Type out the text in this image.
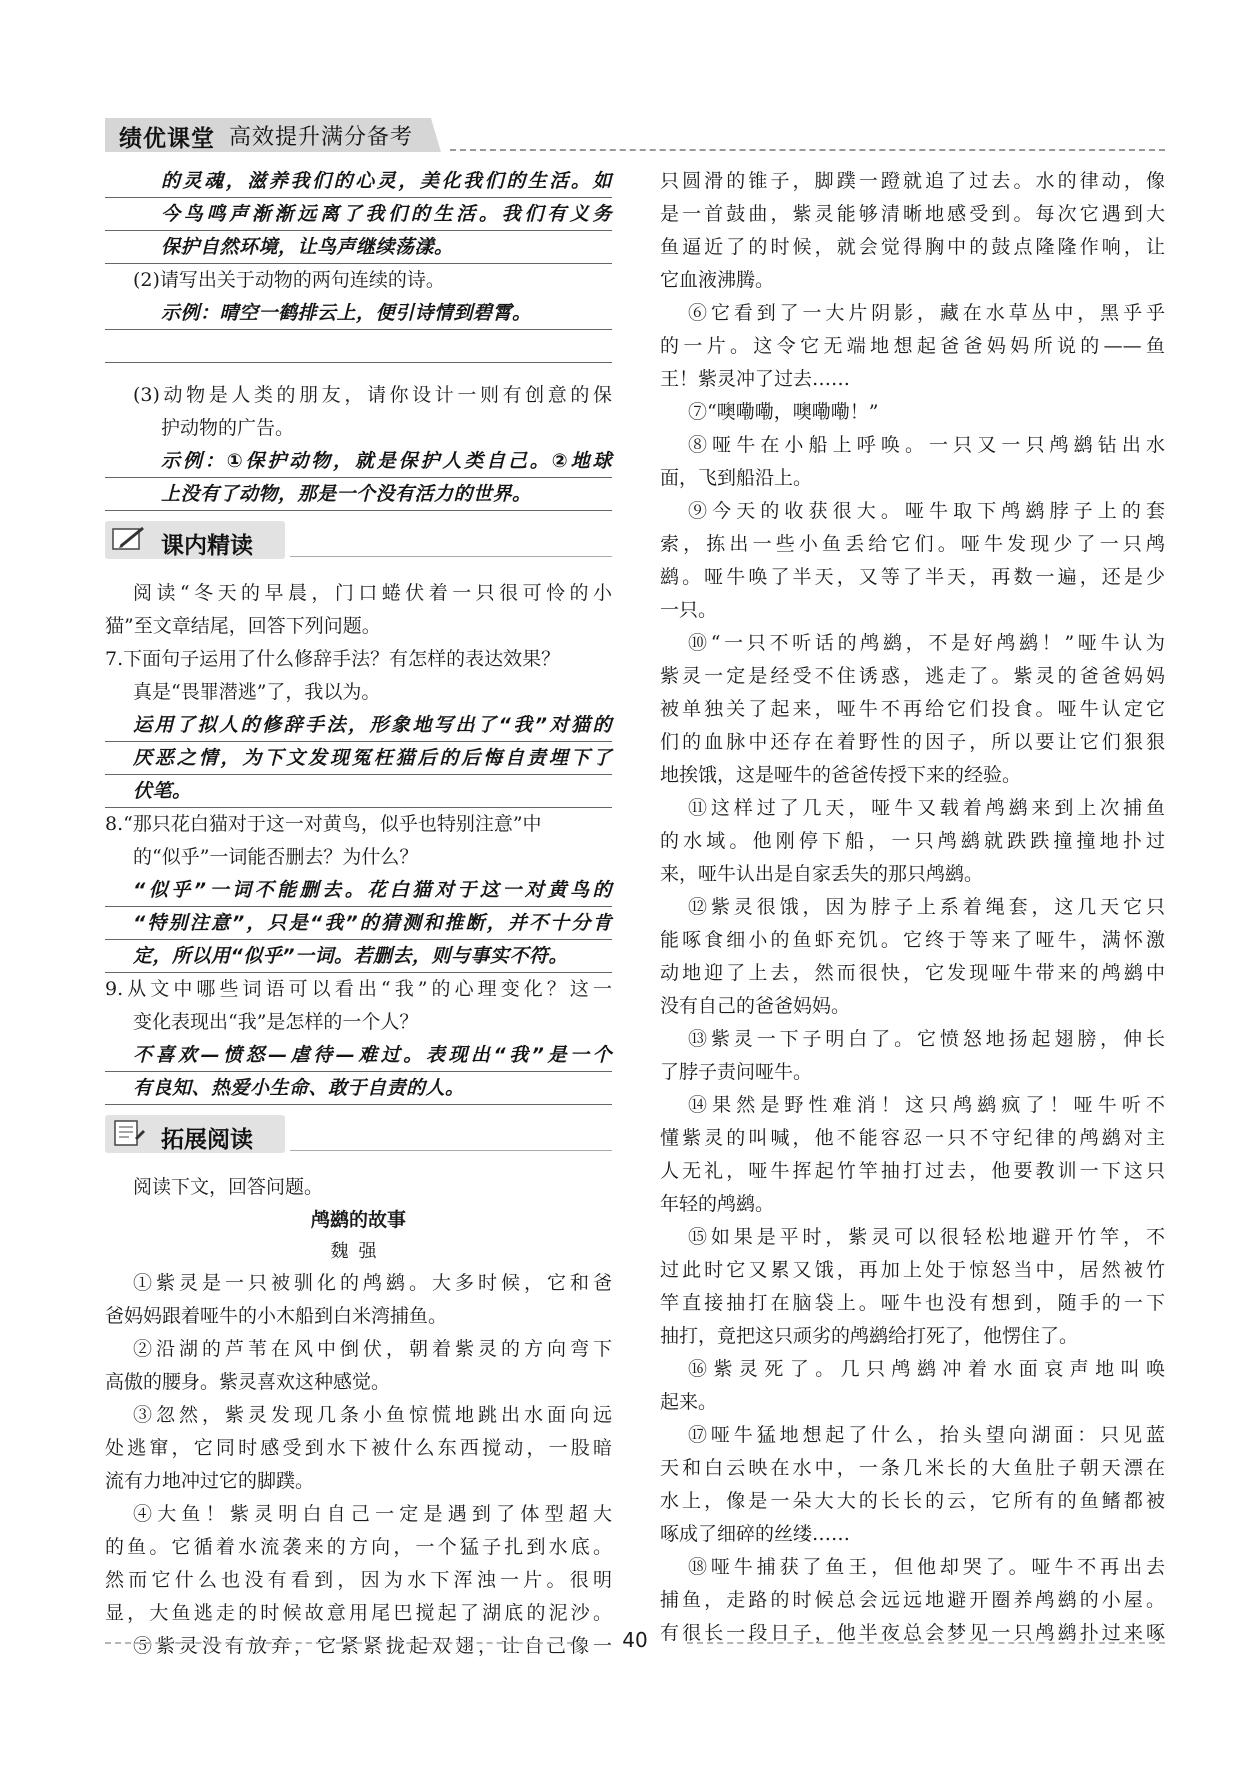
绩优课堂 高效提升满分备考
的灵魂，滋养我们的心灵，美化我们的生活。如
今鸟鸣声渐渐远离了我们的生活。我们有义务
保护自然环境，让鸟声继续荡漾。
(2)请写出关于动物的两句连续的诗。
示例：晴空一鹤排云上，便引诗情到碧霄。
(3)动物是人类的朋友，请你设计一则有创意的保
护动物的广告。
示例：①保护动物，就是保护人类自己。②地球
上没有了动物，那是一个没有活力的世界。
课内精读
阅读“冬天的早晨，门口蜷伏着一只很可怜的小
猫”至文章结尾，回答下列问题。
7.下面句子运用了什么修辞手法？有怎样的表达效果？
真是“畏罪潜逃”了，我以为。
运用了拟人的修辞手法，形象地写出了“我”对猫的
厌恶之情，为下文发现冤枉猫后的后悔自责埋下了
伏笔。
8.“那只花白猫对于这一对黄鸟，似乎也特别注意”中
的“似乎”一词能否删去？为什么？
“似乎”一词不能删去。花白猫对于这一对黄鸟的
“特别注意”，只是“我”的猜测和推断，并不十分肯
定，所以用“似乎”一词。若删去，则与事实不符。
9.从文中哪些词语可以看出“我”的心理变化？这一
变化表现出“我”是怎样的一个人？
不喜欢—愤怒—虐待—难过。表现出“我”是一个
有良知、热爱小生命、敢于自责的人。
拓展阅读
阅读下文，回答问题。
鸬鹚的故事
魏强
①紫灵是一只被驯化的鸬鹚。大多时候，它和爸
爸妈妈跟着哑牛的小木船到白米湾捕鱼。
②沿湖的芦苇在风中倒伏，朝着紫灵的方向弯下
高傲的腰身。紫灵喜欢这种感觉。
③忽然，紫灵发现几条小鱼惊慌地跳出水面向远
处逃窜，它同时感受到水下被什么东西搅动，一股暗
流有力地冲过它的脚蹼。
④大鱼！紫灵明白自己一定是遇到了体型超大
的鱼。它循着水流袭来的方向，一个猛子扎到水底。
然而它什么也没有看到，因为水下浑浊一片。很明
显，大鱼逃走的时候故意用尾巴搅起了湖底的泥沙。
⑤紫灵没有放弃，它紧紧拢起双翅，让自己像一
只圆滑的锥子，脚蹼一蹬就追了过去。水的律动，像
是一首鼓曲，紫灵能够清晰地感受到。每次它遇到大
鱼逼近了的时候，就会觉得胸中的鼓点隆隆作响，让
它血液沸腾。
⑥它看到了一大片阴影，藏在水草丛中，黑乎乎
的一片。这令它无端地想起爸爸妈妈所说的——鱼
王！紫灵冲了过去……
⑦“噢嘞嘞，噢嘞嘞！”
⑧哑牛在小船上呼唤。一只又一只鸬鹚钻出水
面，飞到船沿上。
⑨今天的收获很大。哑牛取下鸬鹚脖子上的套
索，拣出一些小鱼丢给它们。哑牛发现少了一只鸬
鹚。哑牛唤了半天，又等了半天，再数一遍，还是少
一只。
⑩“一只不听话的鸬鹚，不是好鸬鹚！”哑牛认为
紫灵一定是经受不住诱惑，逃走了。紫灵的爸爸妈妈
被单独关了起来，哑牛不再给它们投食。哑牛认定它
们的血脉中还存在着野性的因子，所以要让它们狠狠
地挨饿，这是哑牛的爸爸传授下来的经验。
⑪这样过了几天，哑牛又载着鸬鹚来到上次捕鱼
的水域。他刚停下船，一只鸬鹚就跌跌撞撞地扑过
来，哑牛认出是自家丢失的那只鸬鹚。
⑫紫灵很饿，因为脖子上系着绳套，这几天它只
能啄食细小的鱼虾充饥。它终于等来了哑牛，满怀激
动地迎了上去，然而很快，它发现哑牛带来的鸬鹚中
没有自己的爸爸妈妈。
⑬紫灵一下子明白了。它愤怒地扬起翅膀，伸长
了脖子责问哑牛。
⑭果然是野性难消！这只鸬鹚疯了！哑牛听不
懂紫灵的叫喊，他不能容忍一只不守纪律的鸬鹚对主
人无礼，哑牛挥起竹竿抽打过去，他要教训一下这只
年轻的鸬鹚。
⑮如果是平时，紫灵可以很轻松地避开竹竿，不
过此时它又累又饿，再加上处于惊怒当中，居然被竹
竿直接抽打在脑袋上。哑牛也没有想到，随手的一下
抽打，竟把这只顽劣的鸬鹚给打死了，他愣住了。
⑯紫灵死了。几只鸬鹚冲着水面哀声地叫唤
起来。
⑰哑牛猛地想起了什么，抬头望向湖面：只见蓝
天和白云映在水中，一条几米长的大鱼肚子朝天漂在
水上，像是一朵大大的长长的云，它所有的鱼鳍都被
啄成了细碎的丝缕……
⑱哑牛捕获了鱼王，但他却哭了。哑牛不再出去
捕鱼，走路的时候总会远远地避开圈养鸬鹚的小屋。
有很长一段日子，他半夜总会梦见一只鸬鹚扑过来啄
40
